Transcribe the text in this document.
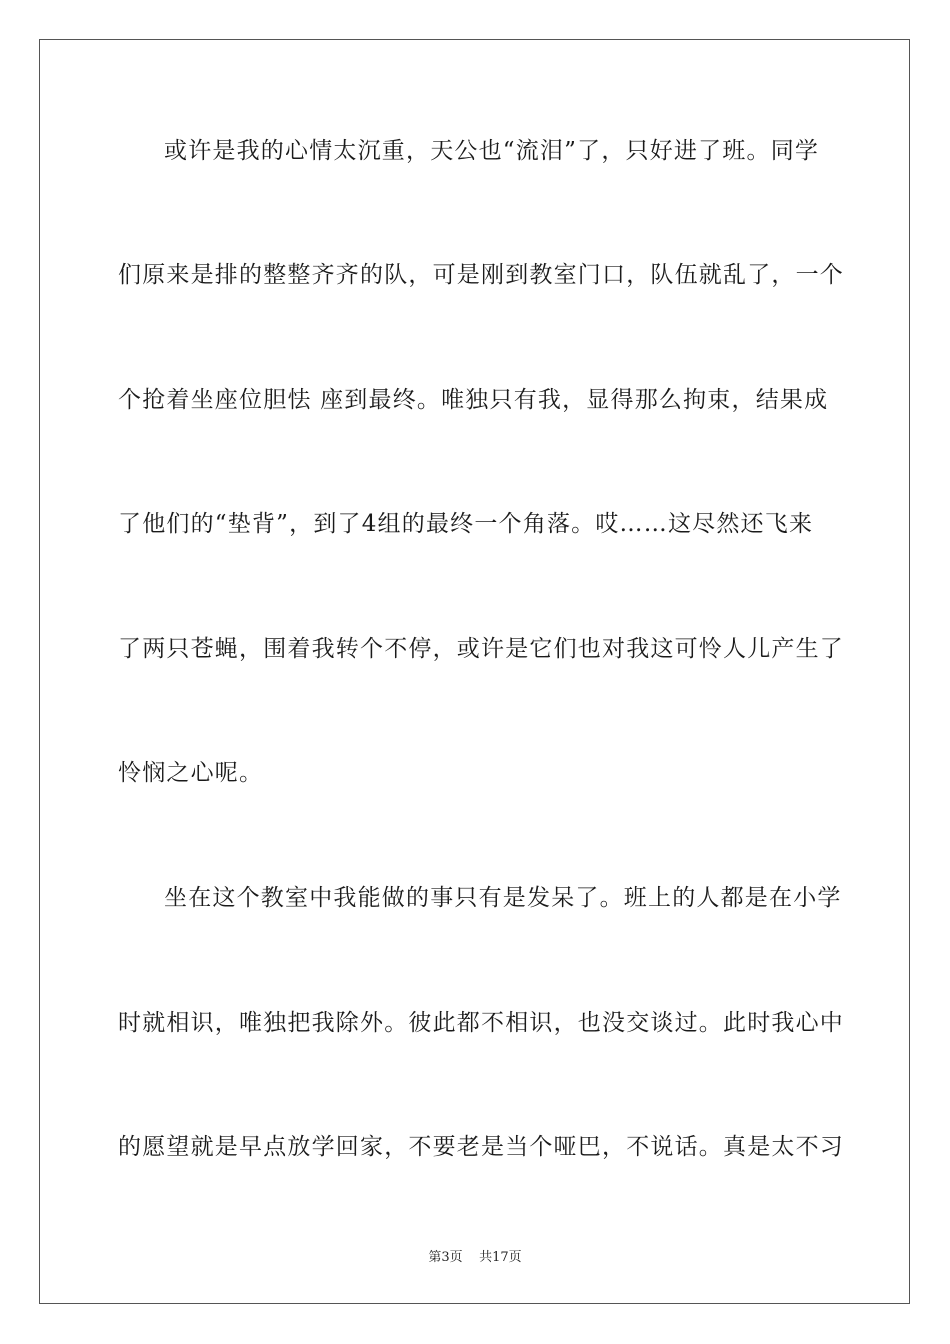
或许是我的心情太沉重，天公也“流泪”了，只好进了班。同学
们原来是排的整整齐齐的队，可是刚到教室门口，队伍就乱了，一个
个抢着坐座位胆怯 座到最终。唯独只有我，显得那么拘束，结果成
了他们的“垫背”，到了4组的最终一个角落。哎……这尽然还飞来
了两只苍蝇，围着我转个不停，或许是它们也对我这可怜人儿产生了
怜悯之心呢。
坐在这个教室中我能做的事只有是发呆了。班上的人都是在小学
时就相识，唯独把我除外。彼此都不相识，也没交谈过。此时我心中
的愿望就是早点放学回家，不要老是当个哑巴，不说话。真是太不习
第3页 共17页
